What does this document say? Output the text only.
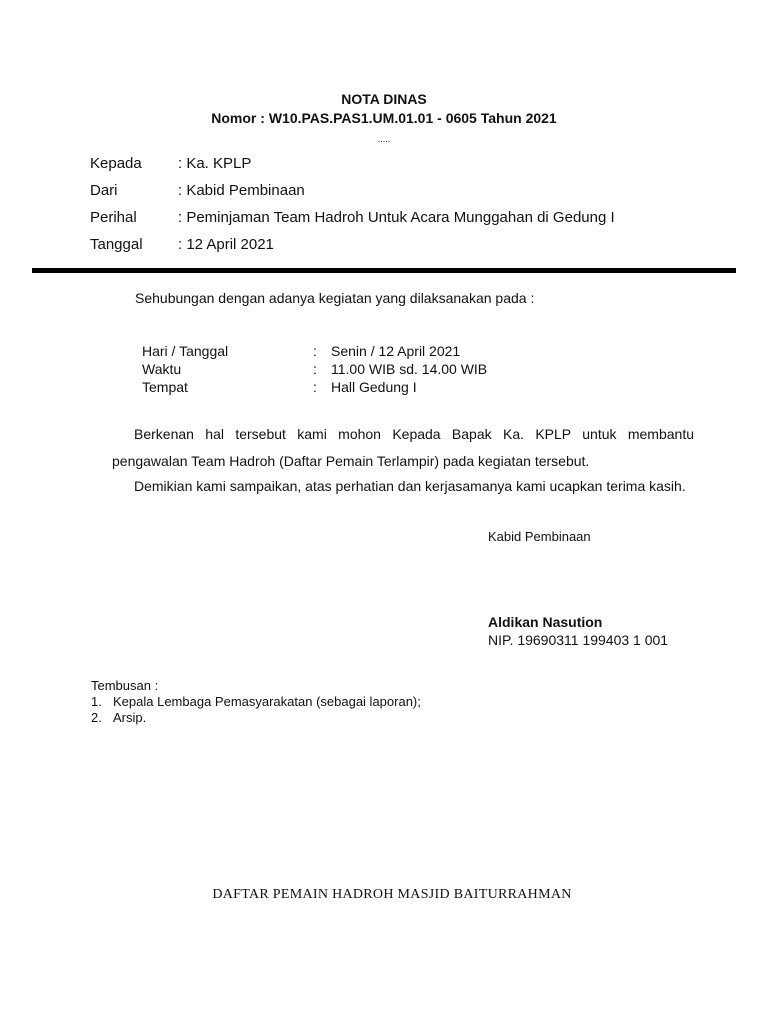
NOTA DINAS
Nomor : W10.PAS.PAS1.UM.01.01 - 0605 Tahun 2021
.....
Kepada : Ka. KPLP
Dari	: Kabid Pembinaan
Perihal	: Peminjaman Team Hadroh Untuk Acara Munggahan di Gedung I
Tanggal : 12 April 2021
Sehubungan dengan adanya kegiatan yang dilaksanakan pada :
Hari / Tanggal	: Senin / 12 April 2021
Waktu	: 11.00 WIB sd. 14.00 WIB
Tempat	: Hall Gedung I
Berkenan hal tersebut kami mohon Kepada Bapak Ka. KPLP untuk membantu pengawalan Team Hadroh (Daftar Pemain Terlampir) pada kegiatan tersebut.
Demikian kami sampaikan, atas perhatian dan kerjasamanya kami ucapkan terima kasih.
Kabid Pembinaan
Aldikan Nasution
NIP. 19690311 199403 1 001
Tembusan :
1. Kepala Lembaga Pemasyarakatan (sebagai laporan);
2. Arsip.
DAFTAR PEMAIN HADROH MASJID BAITURRAHMAN
